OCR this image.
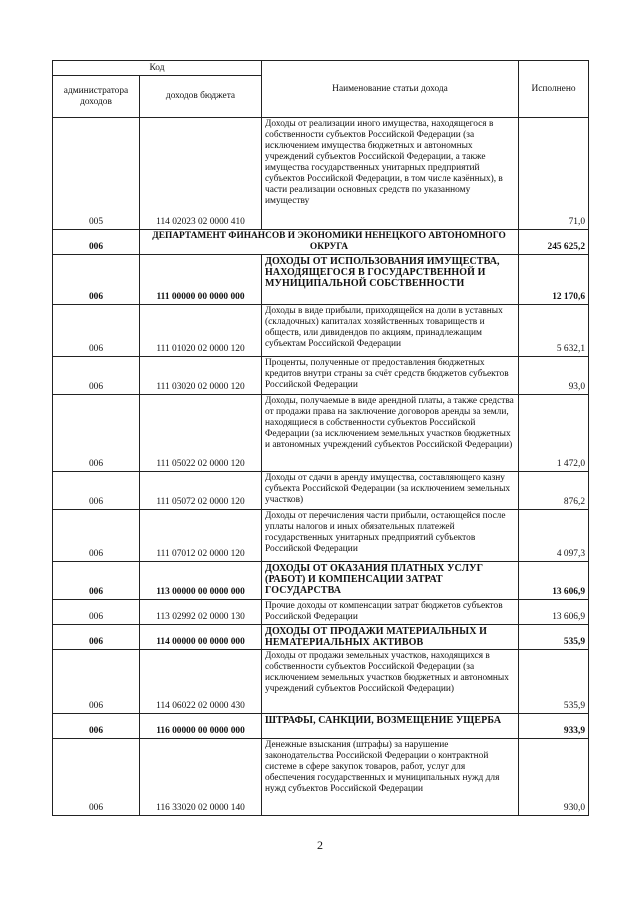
Код		Наименование статьи дохода	Исполнено
администратора доходов	доходов бюджета		
005	114 02023 02 0000 410	Доходы от реализации иного имущества, находящегося в собственности субъектов Российской Федерации (за исключением имущества бюджетных и автономных учреждений субъектов Российской Федерации, а также имущества государственных унитарных предприятий субъектов Российской Федерации, в том числе казённых), в части реализации основных средств по указанному имуществу	71,0
006	ДЕПАРТАМЕНТ ФИНАНСОВ И ЭКОНОМИКИ НЕНЕЦКОГО АВТОНОМНОГО ОКРУГА		245 625,2
006	111 00000 00 0000 000	ДОХОДЫ ОТ ИСПОЛЬЗОВАНИЯ ИМУЩЕСТВА, НАХОДЯЩЕГОСЯ В ГОСУДАРСТВЕННОЙ И МУНИЦИПАЛЬНОЙ СОБСТВЕННОСТИ	12 170,6
006	111 01020 02 0000 120	Доходы в виде прибыли, приходящейся на доли в уставных (складочных) капиталах хозяйственных товариществ и обществ, или дивидендов по акциям, принадлежащим субъектам Российской Федерации	5 632,1
006	111 03020 02 0000 120	Проценты, полученные от предоставления бюджетных кредитов внутри страны за счёт средств бюджетов субъектов Российской Федерации	93,0
006	111 05022 02 0000 120	Доходы, получаемые в виде арендной платы, а также средства от продажи права на заключение договоров аренды за земли, находящиеся в собственности субъектов Российской Федерации (за исключением земельных участков бюджетных и автономных учреждений субъектов Российской Федерации)	1 472,0
006	111 05072 02 0000 120	Доходы от сдачи в аренду имущества, составляющего казну субъекта Российской Федерации (за исключением земельных участков)	876,2
006	111 07012 02 0000 120	Доходы от перечисления части прибыли, остающейся после уплаты налогов и иных обязательных платежей государственных унитарных предприятий субъектов Российской Федерации	4 097,3
006	113 00000 00 0000 000	ДОХОДЫ ОТ ОКАЗАНИЯ ПЛАТНЫХ УСЛУГ (РАБОТ) И КОМПЕНСАЦИИ ЗАТРАТ ГОСУДАРСТВА	13 606,9
006	113 02992 02 0000 130	Прочие доходы от компенсации затрат бюджетов субъектов Российской Федерации	13 606,9
006	114 00000 00 0000 000	ДОХОДЫ ОТ ПРОДАЖИ МАТЕРИАЛЬНЫХ И НЕМАТЕРИАЛЬНЫХ АКТИВОВ	535,9
006	114 06022 02 0000 430	Доходы от продажи земельных участков, находящихся в собственности субъектов Российской Федерации (за исключением земельных участков бюджетных и автономных учреждений субъектов Российской Федерации)	535,9
006	116 00000 00 0000 000	ШТРАФЫ, САНКЦИИ, ВОЗМЕЩЕНИЕ УЩЕРБА	933,9
006	116 33020 02 0000 140	Денежные взыскания (штрафы) за нарушение законодательства Российской Федерации о контрактной системе в сфере закупок товаров, работ, услуг для обеспечения государственных и муниципальных нужд для нужд субъектов Российской Федерации	930,0
2
